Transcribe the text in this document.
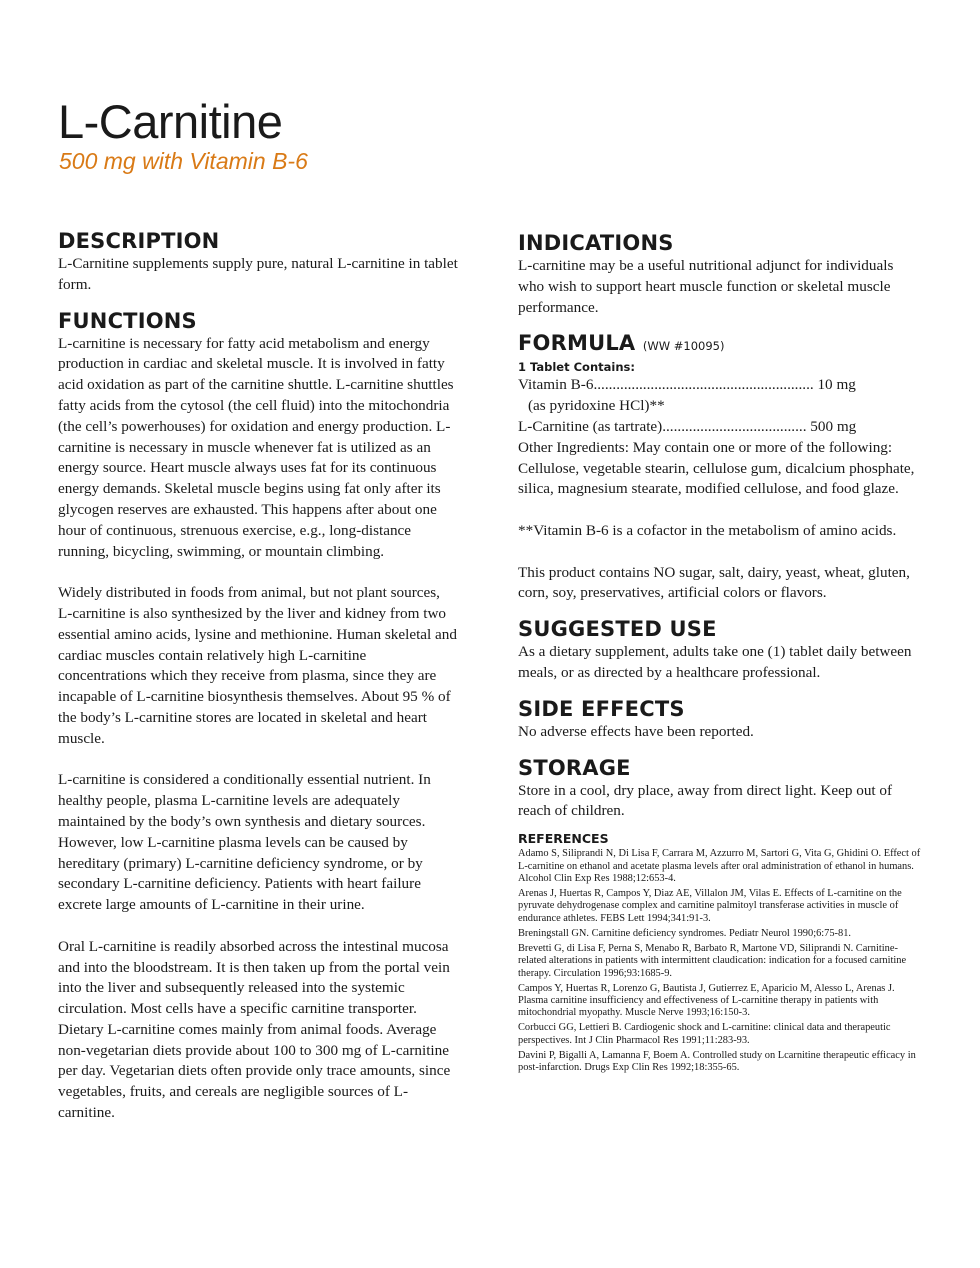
L-Carnitine
500 mg with Vitamin B-6
DESCRIPTION

L-Carnitine supplements supply pure, natural L-carnitine in tablet form.

FUNCTIONS

L-carnitine is necessary for fatty acid metabolism and energy production in cardiac and skeletal muscle. It is involved in fatty acid oxidation as part of the carnitine shuttle. L-carnitine shuttles fatty acids from the cytosol (the cell fluid) into the mitochondria (the cell’s powerhouses) for oxidation and energy production. L-carnitine is necessary in muscle whenever fat is utilized as an energy source. Heart muscle always uses fat for its continuous energy demands. Skeletal muscle begins using fat only after its glycogen reserves are exhausted. This happens after about one hour of continuous, strenuous exercise, e.g., long-distance running, bicycling, swimming, or mountain climbing.

Widely distributed in foods from animal, but not plant sources, L-carnitine is also synthesized by the liver and kidney from two essential amino acids, lysine and methionine. Human skeletal and cardiac muscles contain relatively high L-carnitine concentrations which they receive from plasma, since they are incapable of L-carnitine biosynthesis themselves. About 95 % of the body’s L-carnitine stores are located in skeletal and heart muscle.

L-carnitine is considered a conditionally essential nutrient. In healthy people, plasma L-carnitine levels are adequately maintained by the body’s own synthesis and dietary sources. However, low L-carnitine plasma levels can be caused by hereditary (primary) L-carnitine deficiency syndrome, or by secondary L-carnitine deficiency. Patients with heart failure excrete large amounts of L-carnitine in their urine.

Oral L-carnitine is readily absorbed across the intestinal mucosa and into the bloodstream. It is then taken up from the portal vein into the liver and subsequently released into the systemic circulation. Most cells have a specific carnitine transporter. Dietary L-carnitine comes mainly from animal foods. Average non-vegetarian diets provide about 100 to 300 mg of L-carnitine per day. Vegetarian diets often provide only trace amounts, since vegetables, fruits, and cereals are negligible sources of L-carnitine.

INDICATIONS

L-carnitine may be a useful nutritional adjunct for individuals who wish to support heart muscle function or skeletal muscle performance.

FORMULA (WW #10095)
1 Tablet Contains:
Vitamin B-6.......................................................... 10 mg
(as pyridoxine HCl)**
L-Carnitine (as tartrate)...................................... 500 mg

Other Ingredients: May contain one or more of the following: Cellulose, vegetable stearin, cellulose gum, dicalcium phosphate, silica, magnesium stearate, modified cellulose, and food glaze.

**Vitamin B-6 is a cofactor in the metabolism of amino acids.

This product contains NO sugar, salt, dairy, yeast, wheat, gluten, corn, soy, preservatives, artificial colors or flavors.

SUGGESTED USE

As a dietary supplement, adults take one (1) tablet daily between meals, or as directed by a healthcare professional.

SIDE EFFECTS

No adverse effects have been reported.

STORAGE

Store in a cool, dry place, away from direct light. Keep out of reach of children.

REFERENCES

Adamo S, Siliprandi N, Di Lisa F, Carrara M, Azzurro M, Sartori G, Vita G, Ghidini O. Effect of L-carnitine on ethanol and acetate plasma levels after oral administration of ethanol in humans. Alcohol Clin Exp Res 1988;12:653-4.

Arenas J, Huertas R, Campos Y, Diaz AE, Villalon JM, Vilas E. Effects of L-carnitine on the pyruvate dehydrogenase complex and carnitine palmitoyl transferase activities in muscle of endurance athletes. FEBS Lett 1994;341:91-3.

Breningstall GN. Carnitine deficiency syndromes. Pediatr Neurol 1990;6:75-81.

Brevetti G, di Lisa F, Perna S, Menabo R, Barbato R, Martone VD, Siliprandi N. Carnitine-related alterations in patients with intermittent claudication: indication for a focused carnitine therapy. Circulation 1996;93:1685-9.

Campos Y, Huertas R, Lorenzo G, Bautista J, Gutierrez E, Aparicio M, Alesso L, Arenas J. Plasma carnitine insufficiency and effectiveness of L-carnitine therapy in patients with mitochondrial myopathy. Muscle Nerve 1993;16:150-3.

Corbucci GG, Lettieri B. Cardiogenic shock and L-carnitine: clinical data and therapeutic perspectives. Int J Clin Pharmacol Res 1991;11:283-93.

Davini P, Bigalli A, Lamanna F, Boem A. Controlled study on Lcarnitine therapeutic efficacy in post-infarction. Drugs Exp Clin Res 1992;18:355-65.
